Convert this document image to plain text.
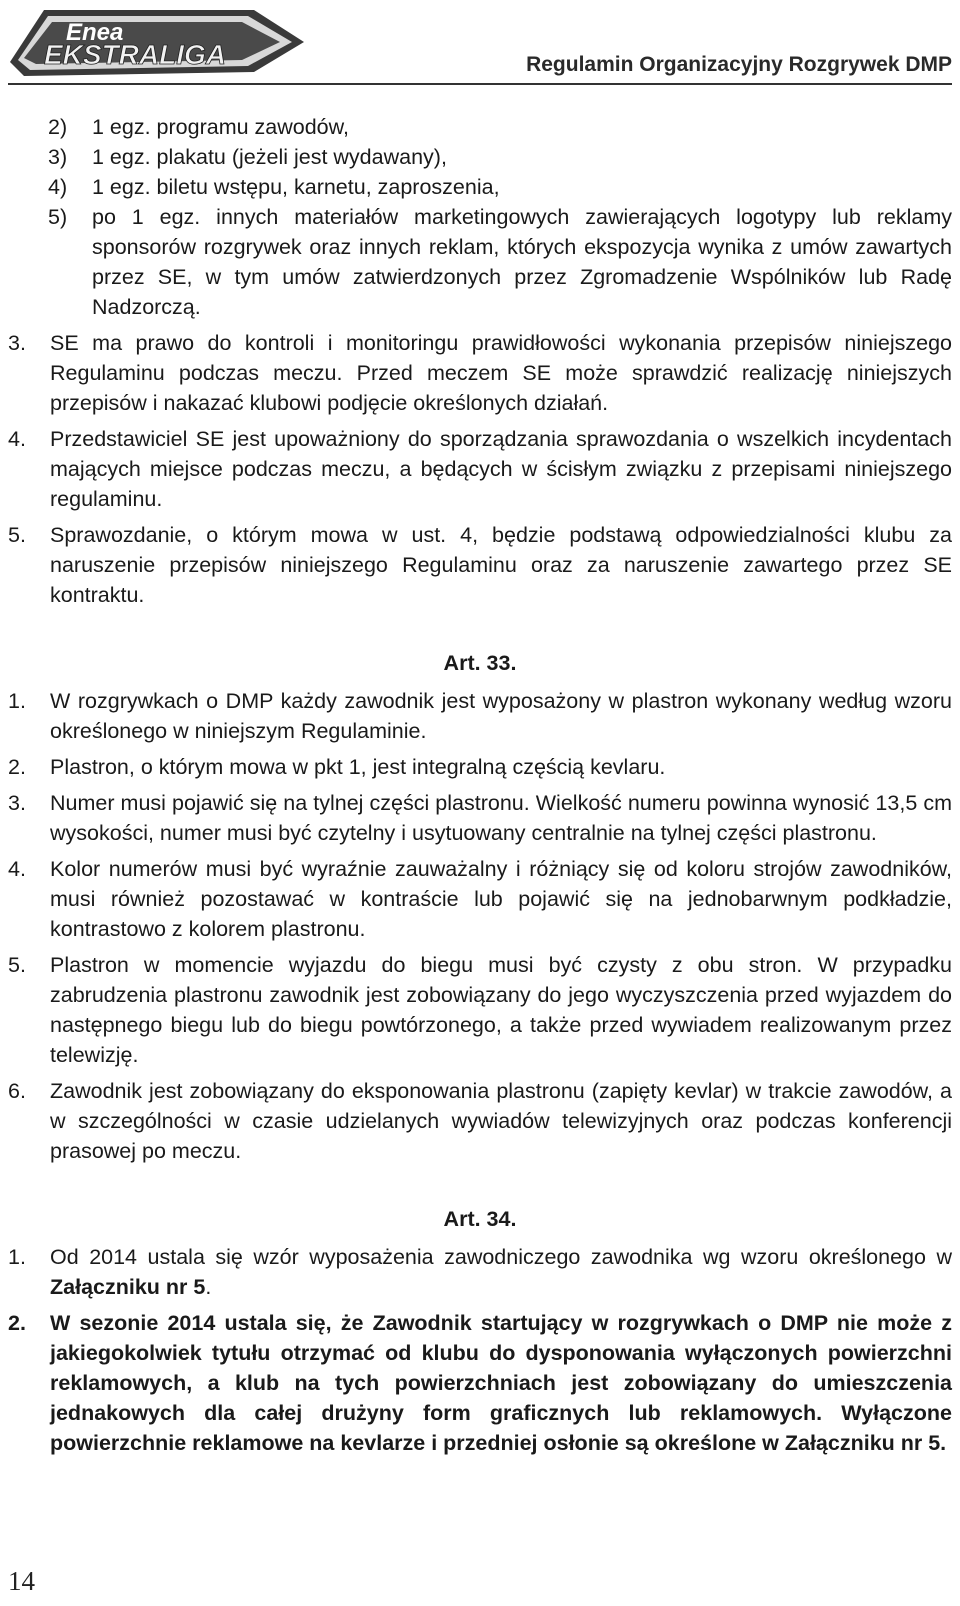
Enea
EKSTRALIGA	Regulamin Organizacyjny Rozgrywek DMP
2) 1 egz. programu zawodów,
3) 1 egz. plakatu (jeżeli jest wydawany),
4) 1 egz. biletu wstępu, karnetu, zaproszenia,
5) po 1 egz. innych materiałów marketingowych zawierających logotypy lub reklamy sponsorów rozgrywek oraz innych reklam, których ekspozycja wynika z umów zawartych przez SE, w tym umów zatwierdzonych przez Zgromadzenie Wspólników lub Radę Nadzorczą.
3. SE ma prawo do kontroli i monitoringu prawidłowości wykonania przepisów niniejszego Regulaminu podczas meczu. Przed meczem SE może sprawdzić realizację niniejszych przepisów i nakazać klubowi podjęcie określonych działań.
4. Przedstawiciel SE jest upoważniony do sporządzania sprawozdania o wszelkich incydentach mających miejsce podczas meczu, a będących w ścisłym związku z przepisami niniejszego regulaminu.
5. Sprawozdanie, o którym mowa w ust. 4, będzie podstawą odpowiedzialności klubu za naruszenie przepisów niniejszego Regulaminu oraz za naruszenie zawartego przez SE kontraktu.
Art. 33.
1. W rozgrywkach o DMP każdy zawodnik jest wyposażony w plastron wykonany według wzoru określonego w niniejszym Regulaminie.
2. Plastron, o którym mowa w pkt 1, jest integralną częścią kevlaru.
3. Numer musi pojawić się na tylnej części plastronu. Wielkość numeru powinna wynosić 13,5 cm wysokości, numer musi być czytelny i usytuowany centralnie na tylnej części plastronu.
4. Kolor numerów musi być wyraźnie zauważalny i różniący się od koloru strojów zawodników, musi również pozostawać w kontraście lub pojawić się na jednobarwnym podkładzie, kontrastowo z kolorem plastronu.
5. Plastron w momencie wyjazdu do biegu musi być czysty z obu stron. W przypadku zabrudzenia plastronu zawodnik jest zobowiązany do jego wyczyszczenia przed wyjazdem do następnego biegu lub do biegu powtórzonego, a także przed wywiadem realizowanym przez telewizję.
6. Zawodnik jest zobowiązany do eksponowania plastronu (zapięty kevlar) w trakcie zawodów, a w szczególności w czasie udzielanych wywiadów telewizyjnych oraz podczas konferencji prasowej po meczu.
Art. 34.
1. Od 2014 ustala się wzór wyposażenia zawodniczego zawodnika wg wzoru określonego w Załączniku nr 5.
2. W sezonie 2014 ustala się, że Zawodnik startujący w rozgrywkach o DMP nie może z jakiegokolwiek tytułu otrzymać od klubu do dysponowania wyłączonych powierzchni reklamowych, a klub na tych powierzchniach jest zobowiązany do umieszczenia jednakowych dla całej drużyny form graficznych lub reklamowych. Wyłączone powierzchnie reklamowe na kevlarze i przedniej osłonie są określone w Załączniku nr 5.
14
